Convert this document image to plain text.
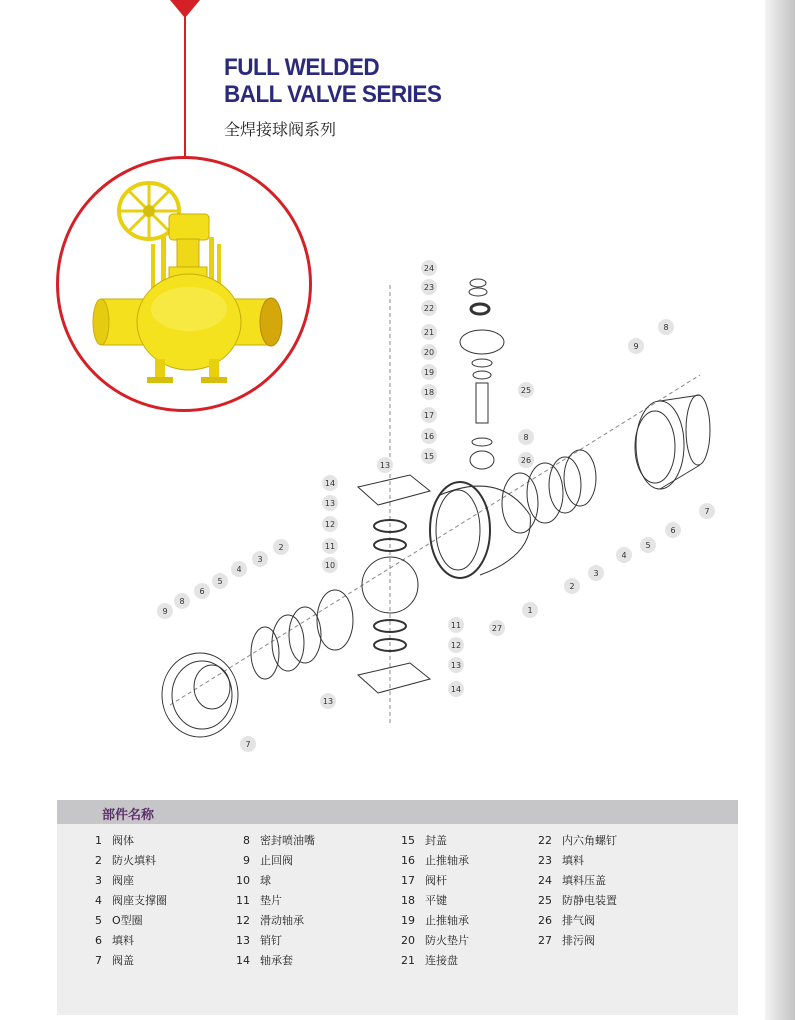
FULL WELDED
BALL VALVE SERIES
全焊接球阀系列
24
23
22
21
20
19
18
17
16
15
25
8
26
9
8
7
6
5
4
3
2
1
27
13
14
13
12
11
10
11
12
13
14
13
9
8
6
5
4
3
2
7
部件名称
1 阀体
2 防火填料
3 阀座
4 阀座支撑圈
5 O型圈
6 填料
7 阀盖
8 密封喷油嘴
9 止回阀
10 球
11 垫片
12 滑动轴承
13 销钉
14 轴承套
15 封盖
16 止推轴承
17 阀杆
18 平键
19 止推轴承
20 防火垫片
21 连接盘
22 内六角螺钉
23 填料
24 填料压盖
25 防静电装置
26 排气阀
27 排污阀
